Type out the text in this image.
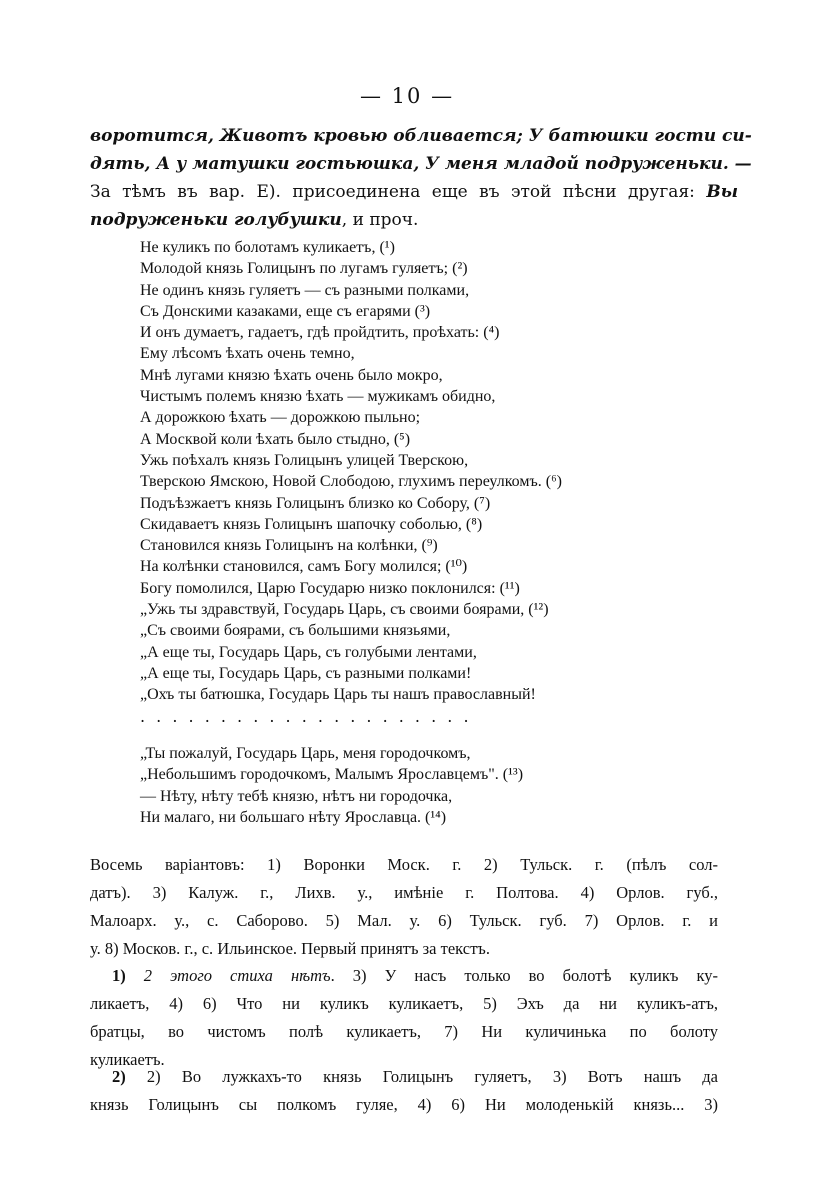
— 10 —
воротится, Животъ кровью обливается; У батюшки гости си-
дять, А у матушки гостьюшка, У меня младой подруженьки. —
За тѣмъ въ вар. Е). присоединена еще въ этой пѣсни другая: Вы
подруженьки голубушки, и проч.
Не куликъ по болотамъ куликаетъ, (¹)
Молодой князь Голицынъ по лугамъ гуляетъ; (²)
Не одинъ князь гуляетъ — съ разными полками,
Съ Донскими казаками, еще съ егарями (³)
И онъ думаетъ, гадаетъ, гдѣ пройдтить, проѣхать: (⁴)
Ему лѣсомъ ѣхать очень темно,
Мнѣ лугами князю ѣхать очень было мокро,
Чистымъ полемъ князю ѣхать — мужикамъ обидно,
А дорожкою ѣхать — дорожкою пыльно;
А Москвой коли ѣхать было стыдно, (⁵)
Ужь поѣхалъ князь Голицынъ улицей Тверскою,
Тверскою Ямскою, Новой Слободою, глухимъ переулкомъ. (⁶)
Подъѣзжаетъ князь Голицынъ близко ко Собору, (⁷)
Скидаваетъ князь Голицынъ шапочку соболью, (⁸)
Становился князь Голицынъ на колѣнки, (⁹)
На колѣнки становился, самъ Богу молился; (¹⁰)
Богу помолился, Царю Государю низко поклонился: (¹¹)
„Ужь ты здравствуй, Государь Царь, съ своими боярами, (¹²)
„Съ своими боярами, съ большими князьями,
„А еще ты, Государь Царь, съ голубыми лентами,
„А еще ты, Государь Царь, съ разными полками!
„Охъ ты батюшка, Государь Царь ты нашъ православный!
. . . . . . . . . . . . . . . . . . . . .
„Ты пожалуй, Государь Царь, меня городочкомъ,
„Небольшимъ городочкомъ, Малымъ Ярославцемъ". (¹³)
— Нѣту, нѣту тебѣ князю, нѣтъ ни городочка,
Ни малаго, ни большаго нѣту Ярославца. (¹⁴)
Восемь варіантовъ: 1) Воронки Моск. г. 2) Тульск. г. (пѣлъ сол-
датъ). 3) Калуж. г., Лихв. у., имѣніе г. Полтова. 4) Орлов. губ.,
Малоарх. у., с. Саборово. 5) Мал. у. 6) Тульск. губ. 7) Орлов. г. и
у. 8) Москов. г., с. Ильинское. Первый принятъ за текстъ.
1) 2 этого стиха нѣтъ. 3) У насъ только во болотѣ куликъ ку-
ликаетъ, 4) 6) Что ни куликъ куликаетъ, 5) Эхъ да ни куликъ-атъ,
братцы, во чистомъ полѣ куликаетъ, 7) Ни куличинька по болоту
куликаетъ.
2) 2) Во лужкахъ-то князь Голицынъ гуляетъ, 3) Вотъ нашъ да
князь Голицынъ сы полкомъ гуляе, 4) 6) Ни молоденькій князь... 3)
